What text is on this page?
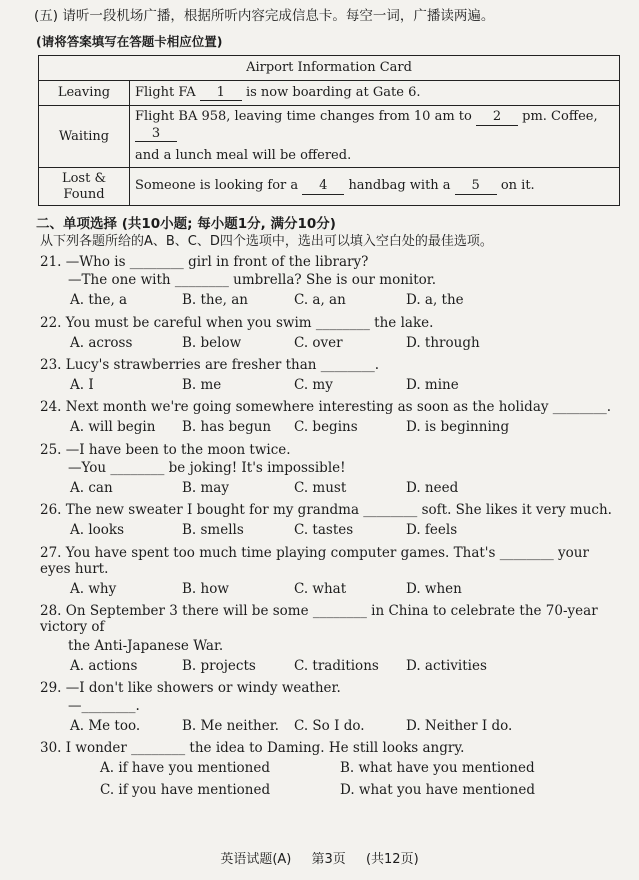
(五) 请听一段机场广播，根据所听内容完成信息卡。每空一词，广播读两遍。
(请将答案填写在答题卡相应位置)
Airport Information Card	
Leaving	Flight FA 1 is now boarding at Gate 6.
Waiting	Flight BA 958, leaving time changes from 10 am to 2 pm. Coffee, 3
and a lunch meal will be offered.

Lost & Found	Someone is looking for a 4 handbag with a 5 on it.
二、单项选择 (共10小题; 每小题1分, 满分10分)
从下列各题所给的A、B、C、D四个选项中，选出可以填入空白处的最佳选项。
21. —Who is ________ girl in front of the library?
—The one with ________ umbrella? She is our monitor.
A. the, a	B. the, an	C. a, an	D. a, the
22. You must be careful when you swim ________ the lake.
A. across	B. below	C. over	D. through
23. Lucy's strawberries are fresher than ________.
A. I	B. me	C. my	D. mine
24. Next month we're going somewhere interesting as soon as the holiday ________.
A. will begin	B. has begun	C. begins	D. is beginning
25. —I have been to the moon twice.
—You ________ be joking! It's impossible!
A. can	B. may	C. must	D. need
26. The new sweater I bought for my grandma ________ soft. She likes it very much.
A. looks	B. smells	C. tastes	D. feels
27. You have spent too much time playing computer games. That's ________ your eyes hurt.
A. why	B. how	C. what	D. when
28. On September 3 there will be some ________ in China to celebrate the 70-year victory of
the Anti-Japanese War.
A. actions	B. projects	C. traditions	D. activities
29. —I don't like showers or windy weather.
—________.
A. Me too.	B. Me neither.	C. So I do.	D. Neither I do.
30. I wonder ________ the idea to Daming. He still looks angry.
A. if have you mentioned	B. what have you mentioned
C. if you have mentioned	D. what you have mentioned
英语试题(A) 第3页 (共12页)
